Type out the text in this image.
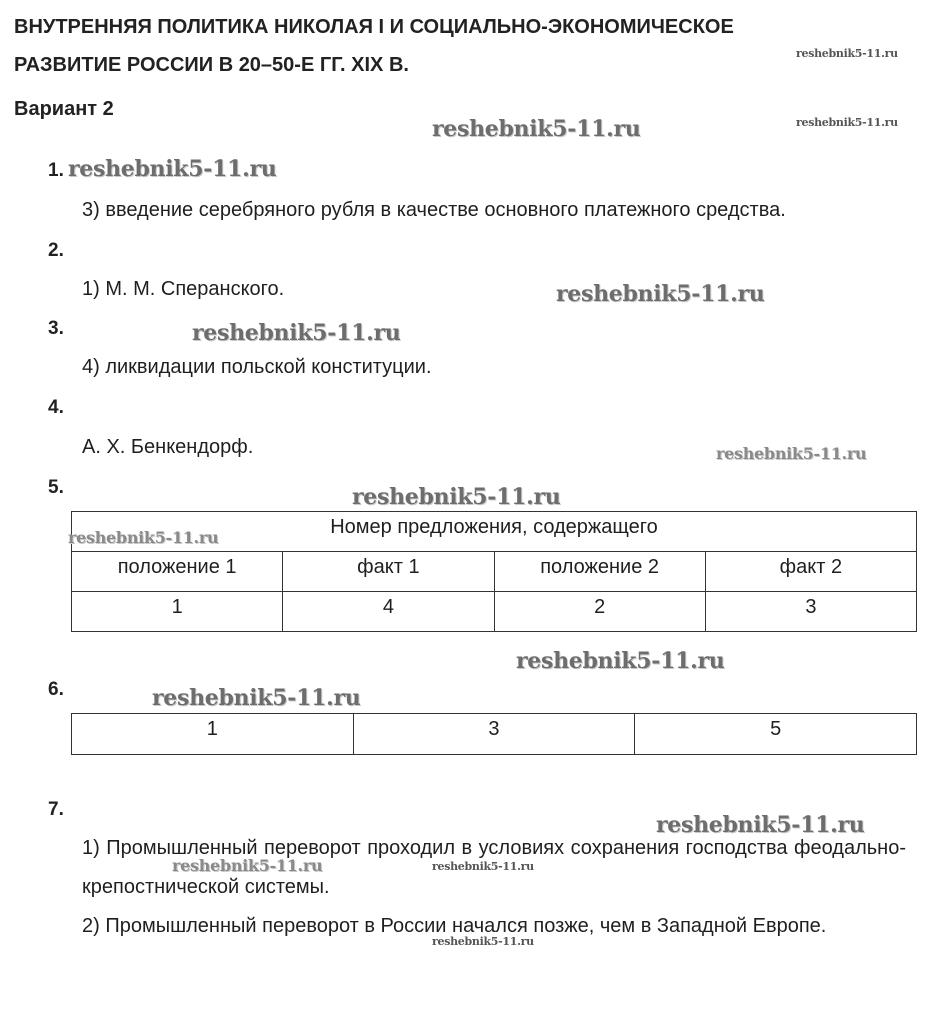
ВНУТРЕННЯЯ ПОЛИТИКА НИКОЛАЯ I И СОЦИАЛЬНО-ЭКОНОМИЧЕСКОЕ
РАЗВИТИЕ РОССИИ В 20–50-Е ГГ. XIX В.
Вариант 2
1.
3) введение серебряного рубля в качестве основного платежного средства.
2.
1) М. М. Сперанского.
3.
4) ликвидации польской конституции.
4.
А. Х. Бенкендорф.
5.
Номер предложения, содержащего			
положение 1	факт 1	положение 2	факт 2
1	4	2	3
6.
1	3	5
7.

1) Промышленный переворот проходил в условиях сохранения господства феодально-крепостнической системы.

2) Промышленный переворот в России начался позже, чем в Западной Европе.

reshebnik5-11.ru
reshebnik5-11.ru
reshebnik5-11.ru
reshebnik5-11.ru
reshebnik5-11.ru
reshebnik5-11.ru
reshebnik5-11.ru
reshebnik5-11.ru
reshebnik5-11.ru
reshebnik5-11.ru
reshebnik5-11.ru
reshebnik5-11.ru
reshebnik5-11.ru	reshebnik5-11.ru
reshebnik5-11.ru
